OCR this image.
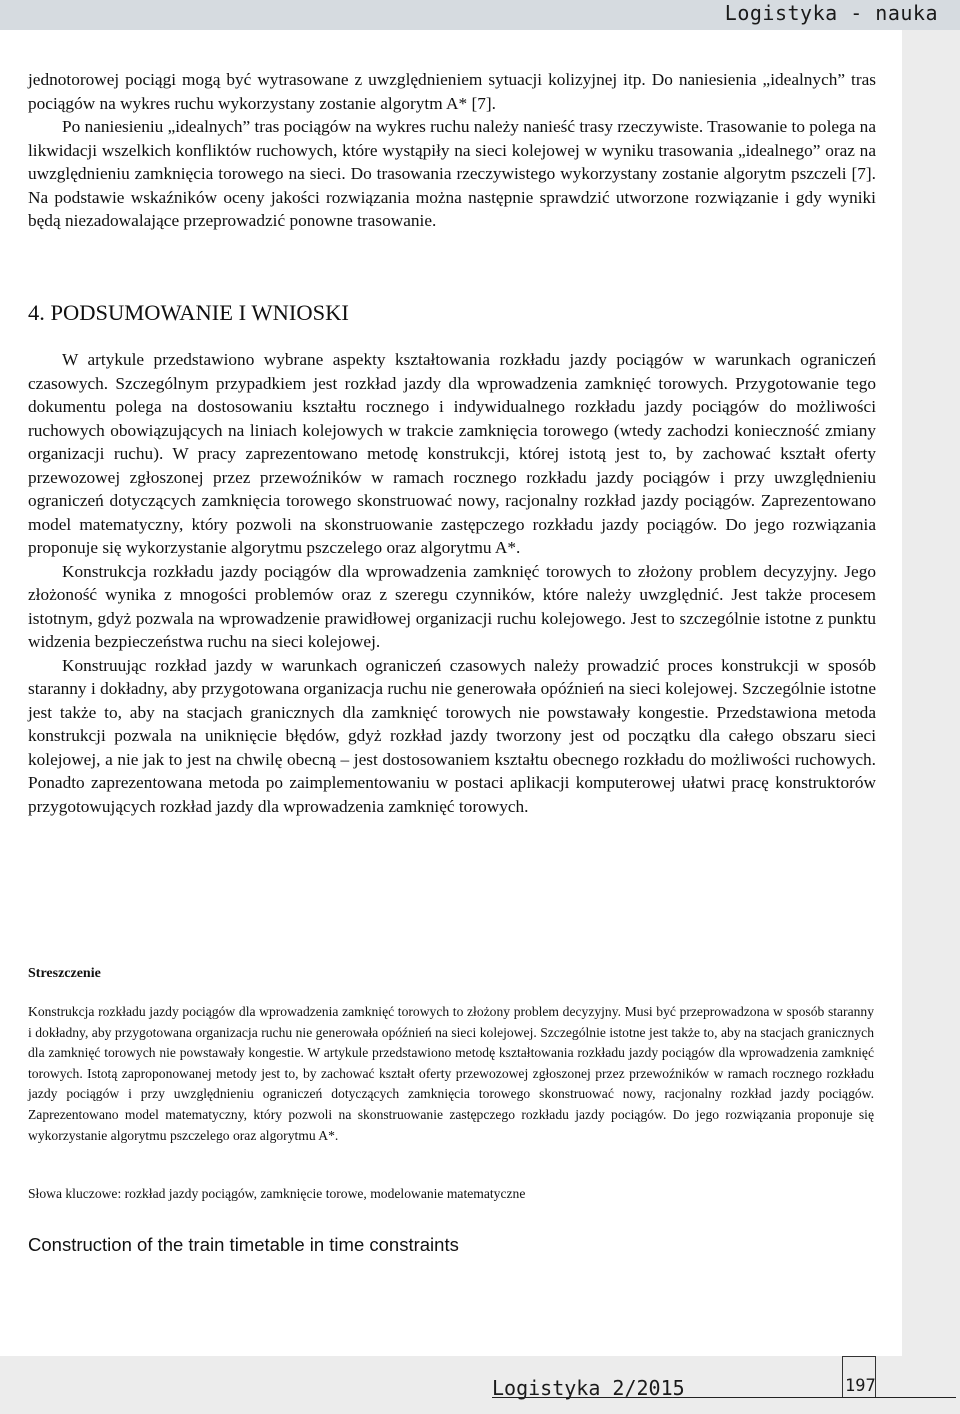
Logistyka - nauka

jednotorowej pociągi mogą być wytrasowane z uwzględnieniem sytuacji kolizyjnej itp. Do naniesienia „idealnych” tras pociągów na wykres ruchu wykorzystany zostanie algorytm A* [7].

Po naniesieniu „idealnych” tras pociągów na wykres ruchu należy nanieść trasy rzeczywiste. Trasowanie to polega na likwidacji wszelkich konfliktów ruchowych, które wystąpiły na sieci kolejowej w wyniku trasowania „idealnego” oraz na uwzględnieniu zamknięcia torowego na sieci. Do trasowania rzeczywistego wykorzystany zostanie algorytm pszczeli [7]. Na podstawie wskaźników oceny jakości rozwiązania można następnie sprawdzić utworzone rozwiązanie i gdy wyniki będą niezadowalające przeprowadzić ponowne trasowanie.

4. PODSUMOWANIE I WNIOSKI

W artykule przedstawiono wybrane aspekty kształtowania rozkładu jazdy pociągów w warunkach ograniczeń czasowych. Szczególnym przypadkiem jest rozkład jazdy dla wprowadzenia zamknięć torowych. Przygotowanie tego dokumentu polega na dostosowaniu kształtu rocznego i indywidualnego rozkładu jazdy pociągów do możliwości ruchowych obowiązujących na liniach kolejowych w trakcie zamknięcia torowego (wtedy zachodzi konieczność zmiany organizacji ruchu). W pracy zaprezentowano metodę konstrukcji, której istotą jest to, by zachować kształt oferty przewozowej zgłoszonej przez przewoźników w ramach rocznego rozkładu jazdy pociągów i przy uwzględnieniu ograniczeń dotyczących zamknięcia torowego skonstruować nowy, racjonalny rozkład jazdy pociągów. Zaprezentowano model matematyczny, który pozwoli na skonstruowanie zastępczego rozkładu jazdy pociągów. Do jego rozwiązania proponuje się wykorzystanie algorytmu pszczelego oraz algorytmu A*.

Konstrukcja rozkładu jazdy pociągów dla wprowadzenia zamknięć torowych to złożony problem decyzyjny. Jego złożoność wynika z mnogości problemów oraz z szeregu czynników, które należy uwzględnić. Jest także procesem istotnym, gdyż pozwala na wprowadzenie prawidłowej organizacji ruchu kolejowego. Jest to szczególnie istotne z punktu widzenia bezpieczeństwa ruchu na sieci kolejowej.

Konstruując rozkład jazdy w warunkach ograniczeń czasowych należy prowadzić proces konstrukcji w sposób staranny i dokładny, aby przygotowana organizacja ruchu nie generowała opóźnień na sieci kolejowej. Szczególnie istotne jest także to, aby na stacjach granicznych dla zamknięć torowych nie powstawały kongestie. Przedstawiona metoda konstrukcji pozwala na uniknięcie błędów, gdyż rozkład jazdy tworzony jest od początku dla całego obszaru sieci kolejowej, a nie jak to jest na chwilę obecną – jest dostosowaniem kształtu obecnego rozkładu do możliwości ruchowych. Ponadto zaprezentowana metoda po zaimplementowaniu w postaci aplikacji komputerowej ułatwi pracę konstruktorów przygotowujących rozkład jazdy dla wprowadzenia zamknięć torowych.

Streszczenie

Konstrukcja rozkładu jazdy pociągów dla wprowadzenia zamknięć torowych to złożony problem decyzyjny. Musi być przeprowadzona w sposób staranny i dokładny, aby przygotowana organizacja ruchu nie generowała opóźnień na sieci kolejowej. Szczególnie istotne jest także to, aby na stacjach granicznych dla zamknięć torowych nie powstawały kongestie. W artykule przedstawiono metodę kształtowania rozkładu jazdy pociągów dla wprowadzenia zamknięć torowych. Istotą zaproponowanej metody jest to, by zachować kształt oferty przewozowej zgłoszonej przez przewoźników w ramach rocznego rozkładu jazdy pociągów i przy uwzględnieniu ograniczeń dotyczących zamknięcia torowego skonstruować nowy, racjonalny rozkład jazdy pociągów. Zaprezentowano model matematyczny, który pozwoli na skonstruowanie zastępczego rozkładu jazdy pociągów. Do jego rozwiązania proponuje się wykorzystanie algorytmu pszczelego oraz algorytmu A*.

Słowa kluczowe: rozkład jazdy pociągów, zamknięcie torowe, modelowanie matematyczne

Construction of the train timetable in time constraints
Logistyka 2/2015	197
